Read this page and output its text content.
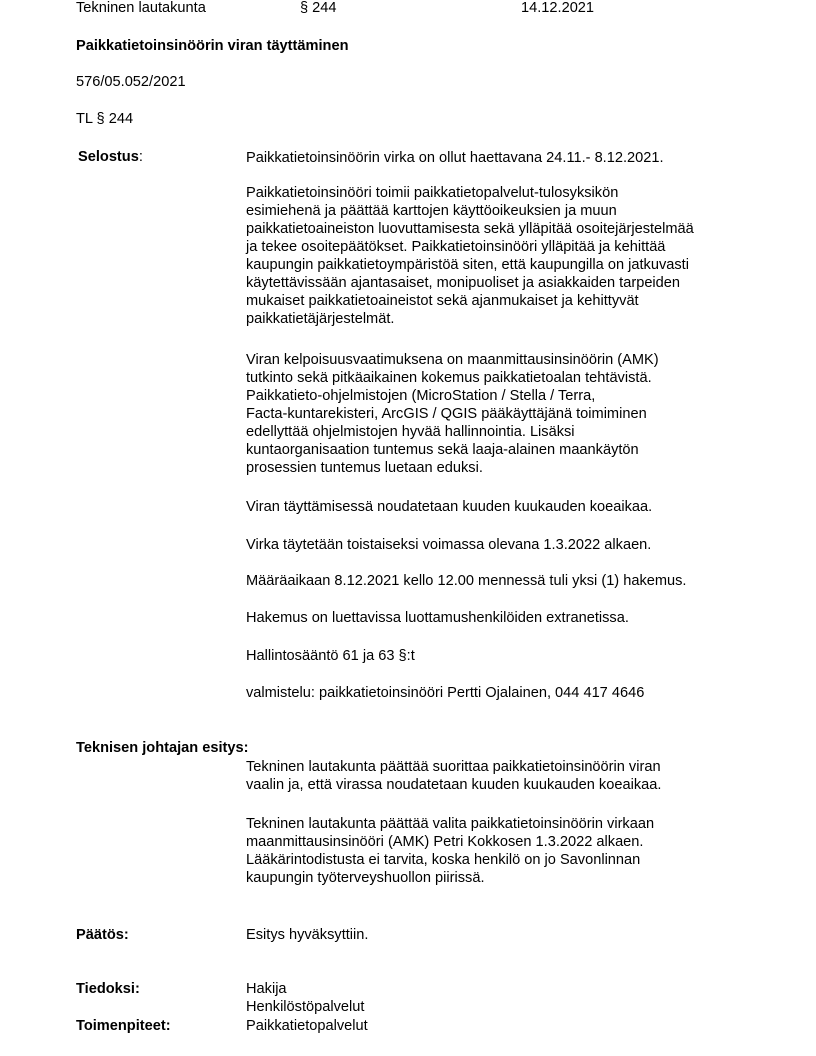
Tekninen lautakunta	§ 244	14.12.2021
Paikkatietoinsinöörin viran täyttäminen
576/05.052/2021
TL § 244
Selostus:	Paikkatietoinsinöörin virka on ollut haettavana 24.11.- 8.12.2021.
Paikkatietoinsinööri toimii paikkatietopalvelut-tulosyksikön
esimiehenä ja päättää karttojen käyttöoikeuksien ja muun
paikkatietoaineiston luovuttamisesta sekä ylläpitää osoitejärjestelmää
ja tekee osoitepäätökset. Paikkatietoinsinööri ylläpitää ja kehittää
kaupungin paikkatietoympäristöä siten, että kaupungilla on jatkuvasti
käytettävissään ajantasaiset, monipuoliset ja asiakkaiden tarpeiden
mukaiset paikkatietoaineistot sekä ajanmukaiset ja kehittyvät
paikkatietäjärjestelmät.
Viran kelpoisuusvaatimuksena on maanmittausinsinöörin (AMK)
tutkinto sekä pitkäaikainen kokemus paikkatietoalan tehtävistä.
Paikkatieto-ohjelmistojen (MicroStation / Stella / Terra,
Facta-kuntarekisteri, ArcGIS / QGIS pääkäyttäjänä toimiminen
edellyttää ohjelmistojen hyvää hallinnointia. Lisäksi
kuntaorganisaation tuntemus sekä laaja-alainen maankäytön
prosessien tuntemus luetaan eduksi.
Viran täyttämisessä noudatetaan kuuden kuukauden koeaikaa.
Virka täytetään toistaiseksi voimassa olevana 1.3.2022 alkaen.
Määräaikaan 8.12.2021 kello 12.00 mennessä tuli yksi (1) hakemus.
Hakemus on luettavissa luottamushenkilöiden extranetissa.
Hallintosääntö 61 ja 63 §:t
valmistelu: paikkatietoinsinööri Pertti Ojalainen, 044 417 4646
Teknisen johtajan esitys:
Tekninen lautakunta päättää suorittaa paikkatietoinsinöörin viran
vaalin ja, että virassa noudatetaan kuuden kuukauden koeaikaa.
Tekninen lautakunta päättää valita paikkatietoinsinöörin virkaan
maanmittausinsinööri (AMK) Petri Kokkosen 1.3.2022 alkaen.
Lääkärintodistusta ei tarvita, koska henkilö on jo Savonlinnan
kaupungin työterveyshuollon piirissä.
Päätös:	Esitys hyväksyttiin.
Tiedoksi:	Hakija
Henkilöstöpalvelut
Toimenpiteet:	Paikkatietopalvelut
